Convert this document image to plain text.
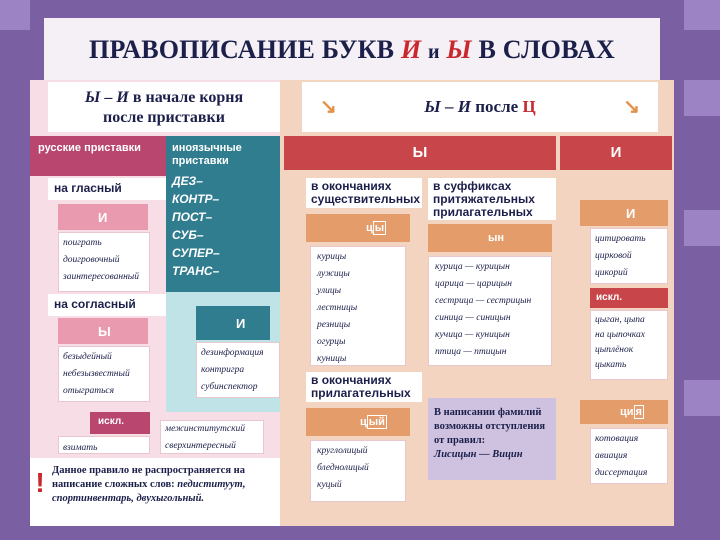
ПРАВОПИСАНИЕ БУКВ И и Ы В СЛОВАХ
Ы – И в начале корня
после приставки
русские приставки	иноязычные приставки
ДЕЗ–
КОНТР–
ПОСТ–
СУБ–
СУПЕР–
ТРАНС–
на гласный
И
поиграть
доигровочный
заинтересованный
на согласный
Ы
безыдейный
небезызвестный
отыграться
И
дезинформация
контригра
субинспектор
искл.
взимать
межинститутский
сверхинтересный
! Данное правило не распространяется на написание сложных слов: педиституут, спортинвентарь, двухыгольный.
↘	Ы – И после Ц	↘
Ы	И
в окончаниях существительных
ц ы
курицы
лужицы
улицы
лестницы
резницы
огурцы
куницы
в суффиксах притяжательных прилагательных
ын
курица — курицын
царица — царицын
сестрица — сестрицын
синица — синицын
кучица — куницын
птица — птицын
в окончаниях прилагательных
ц ый
круглолицый
бледнолицый
куцый
В написании фамилий возможны отступления от правил:
Лисицын — Вицин
И
цитировать
цирковой
цикорий
искл.
цыган, цыпа
на цыпочках
цыплёнок
цыкать
ци я
котовация
авиация
диссертация
